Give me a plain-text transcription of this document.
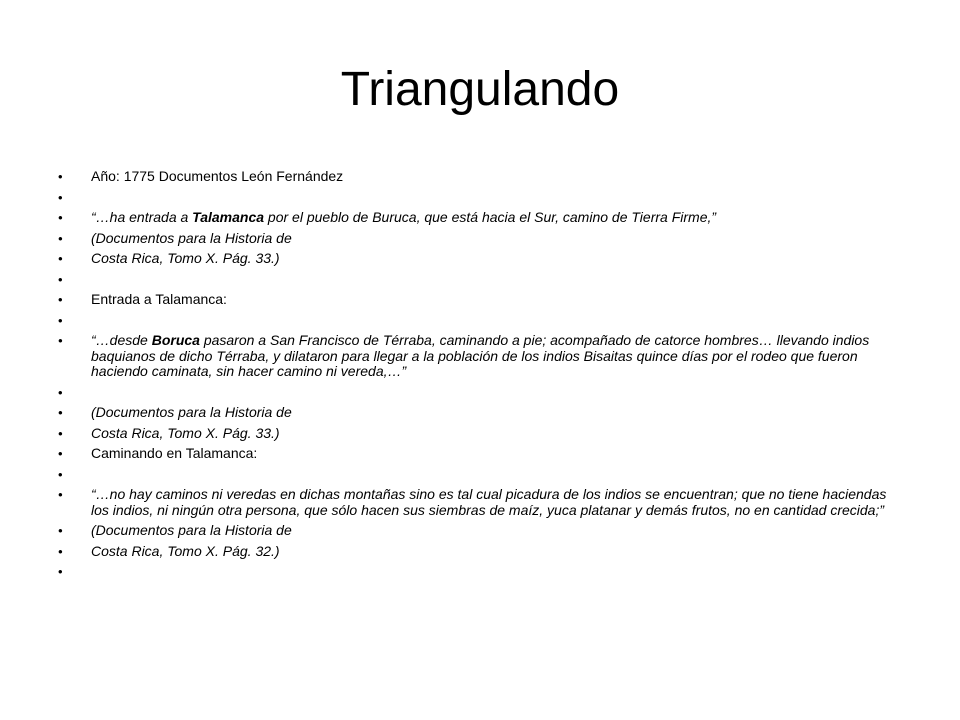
Triangulando
• Año: 1775 Documentos León Fernández
•
• “…ha entrada a Talamanca por el pueblo de Buruca, que está hacia el Sur, camino de Tierra Firme,”
• (Documentos para la Historia de
• Costa Rica, Tomo X. Pág. 33.)
•
• Entrada a Talamanca:
•
• “…desde Boruca pasaron a San Francisco de Térraba, caminando a pie; acompañado de catorce hombres… llevando indios baquianos de dicho Térraba, y dilataron para llegar a la población de los indios Bisaitas quince días por el rodeo que fueron haciendo caminata, sin hacer camino ni vereda,…”
•
• (Documentos para la Historia de
• Costa Rica, Tomo X. Pág. 33.)
• Caminando en Talamanca:
•
• “…no hay caminos ni veredas en dichas montañas sino es tal cual picadura de los indios se encuentran; que no tiene haciendas los indios, ni ningún otra persona, que sólo hacen sus siembras de maíz, yuca platanar y demás frutos, no en cantidad crecida;”
• (Documentos para la Historia de
• Costa Rica, Tomo X. Pág. 32.)
•
